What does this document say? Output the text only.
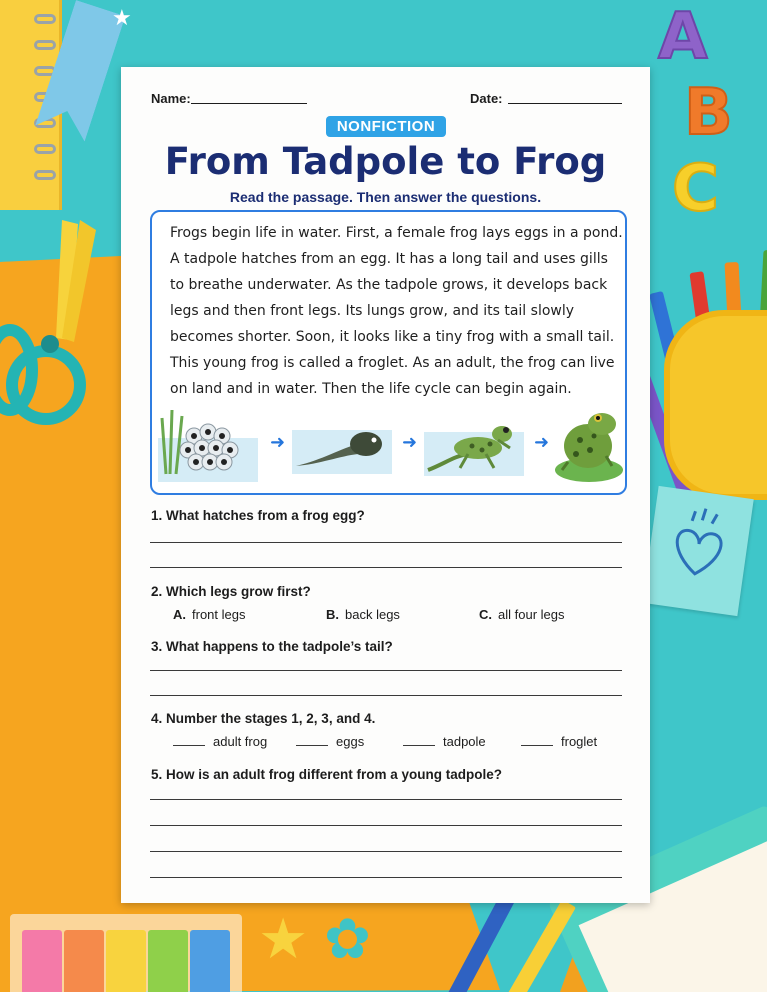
★	A
B
C
★ ✿
Name:	Date:
NONFICTION
From Tadpole to Frog
Read the passage. Then answer the questions.
Frogs begin life in water. First, a female frog lays eggs in a pond.
A tadpole hatches from an egg. It has a long tail and uses gills
to breathe underwater. As the tadpole grows, it develops back
legs and then front legs. Its lungs grow, and its tail slowly
becomes shorter. Soon, it looks like a tiny frog with a small tail.
This young frog is called a froglet. As an adult, the frog can live
on land and in water. Then the life cycle can begin again.
➜	➜	➜
1. What hatches from a frog egg?
2. Which legs grow first?
A. front legs	B. back legs	C. all four legs
3. What happens to the tadpole’s tail?
4. Number the stages 1, 2, 3, and 4.
adult frog	eggs	tadpole	froglet
5. How is an adult frog different from a young tadpole?
